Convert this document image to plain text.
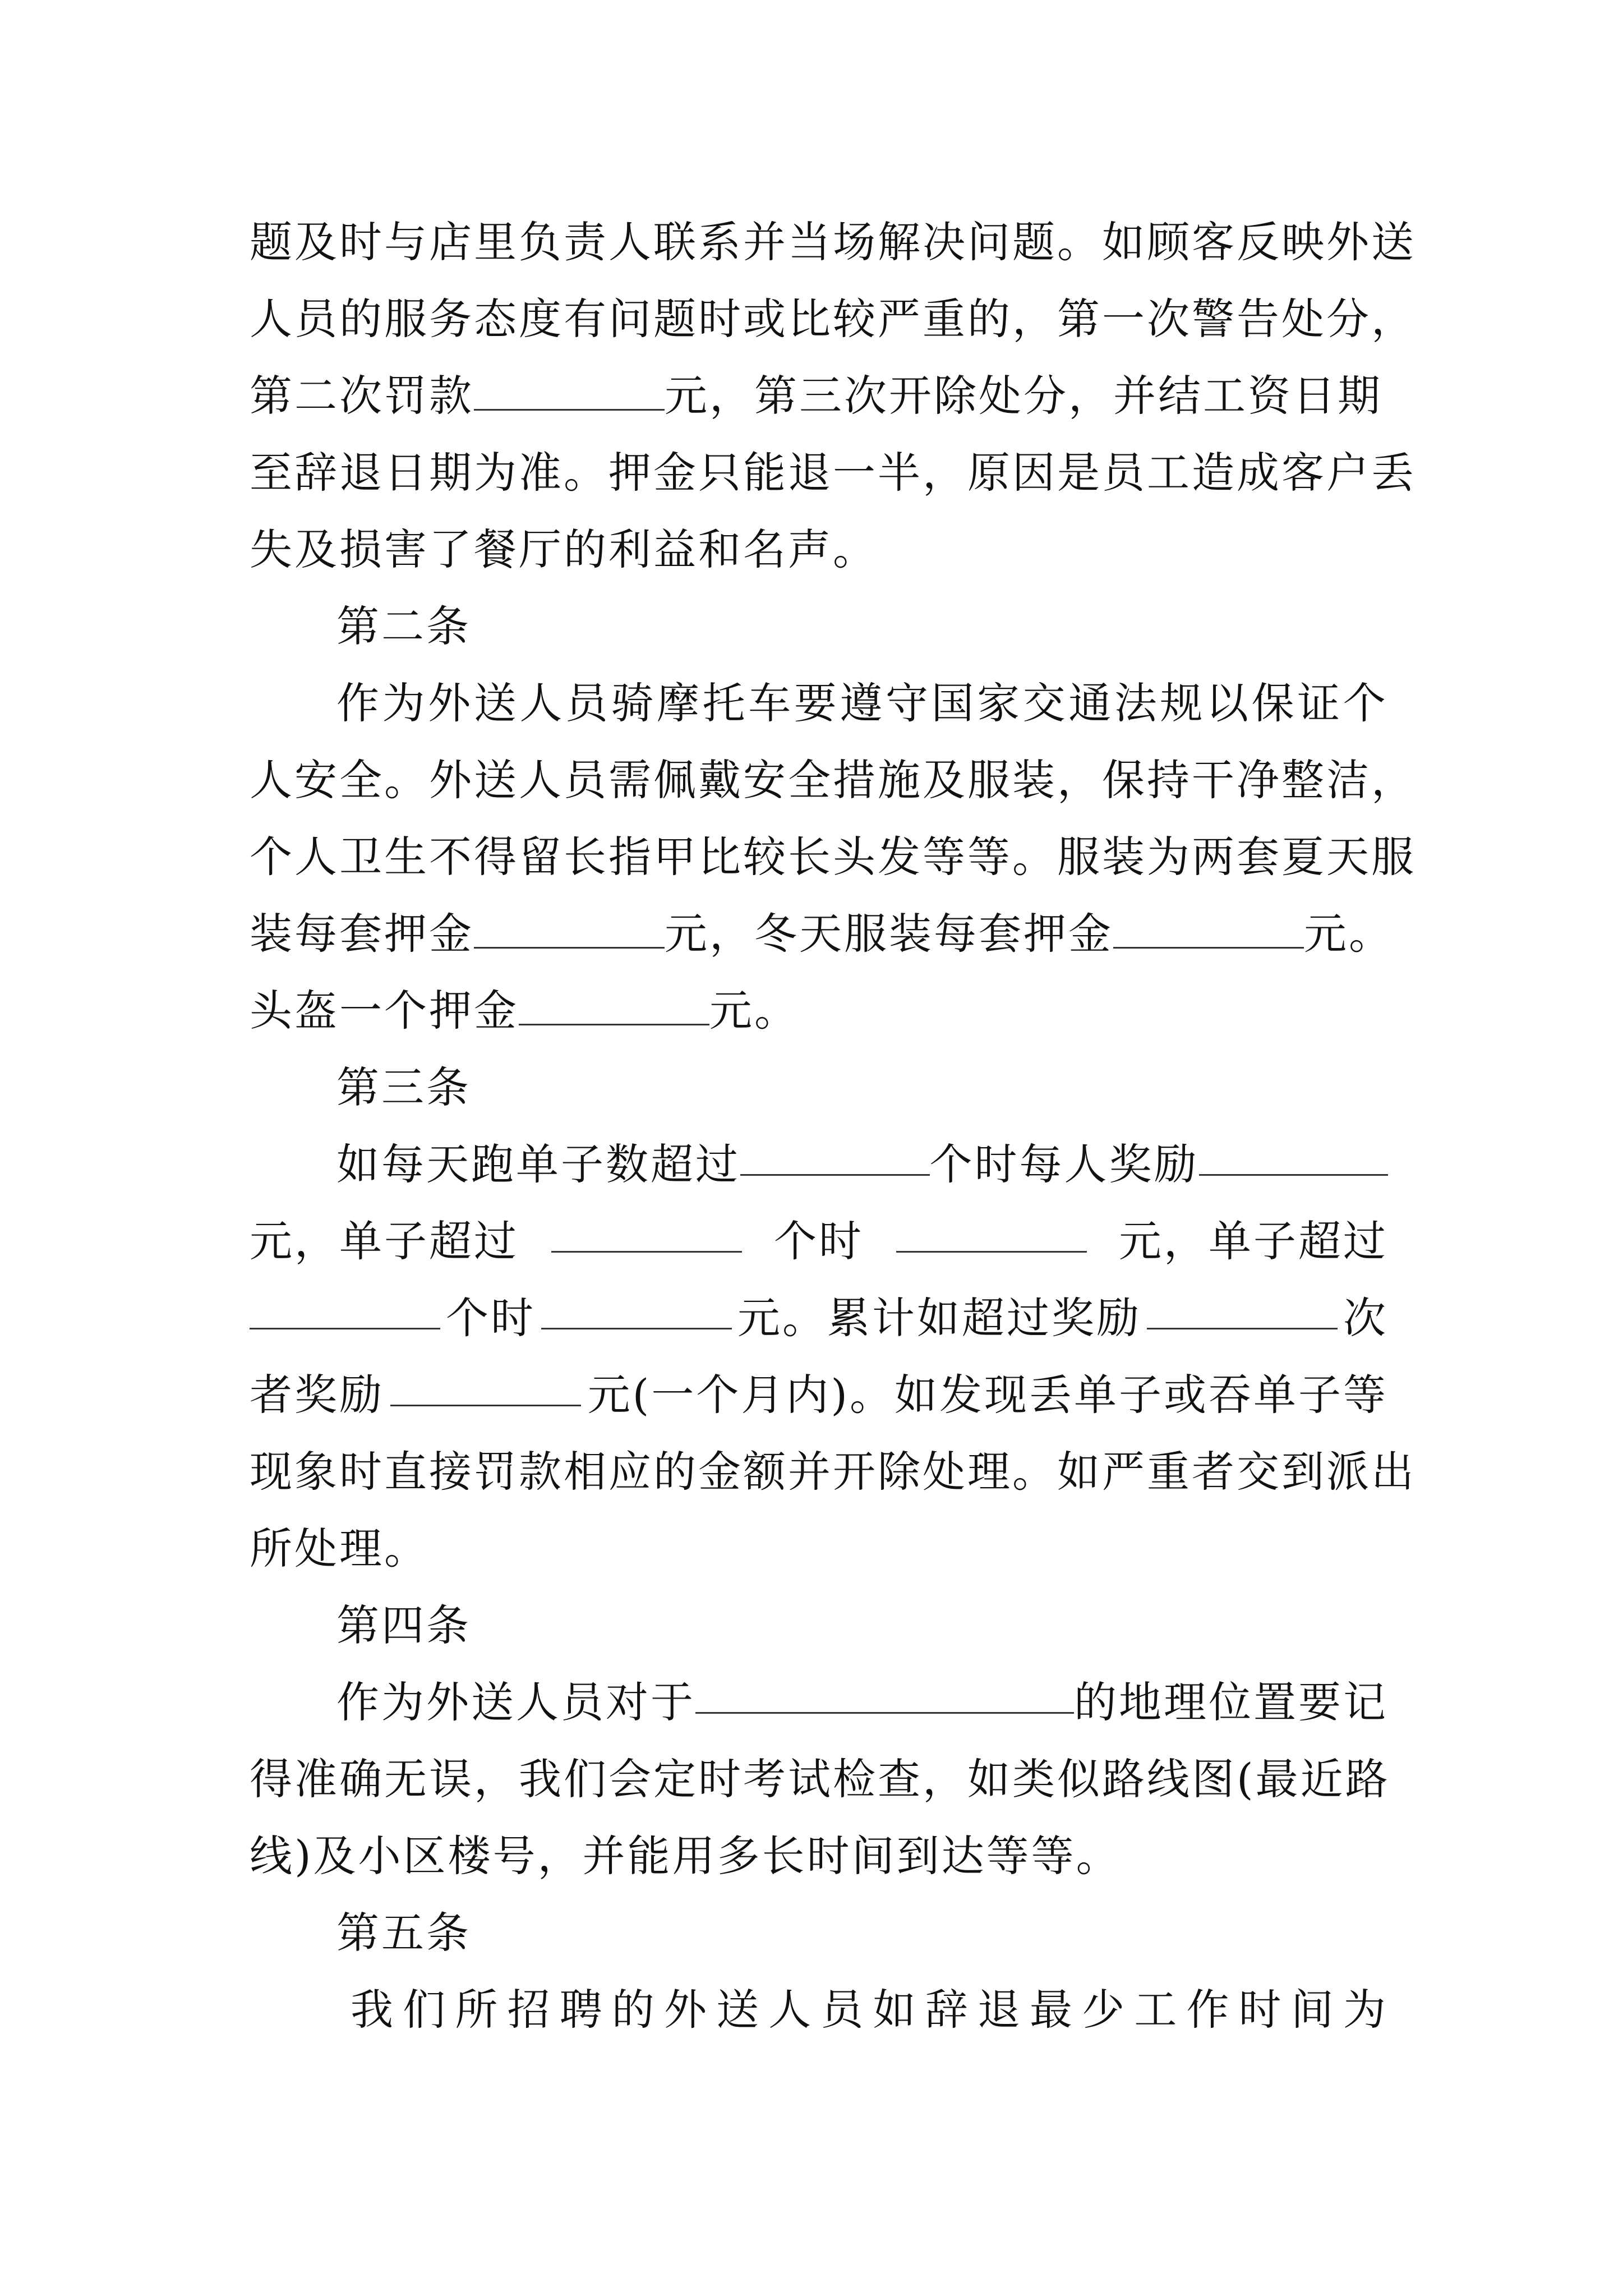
题 及 时 与 店 里 负 责 人 联 系 并 当 场 解 决 问 题 。 如 顾 客 反 映 外 送
人 员 的 服 务 态 度 有 问 题 时 或 比 较 严 重 的 ， 第 一 次 警 告 处 分 ，
第二次罚款	元，第三次开除处分，并结工资日期
至 辞 退 日 期 为 准 。 押 金 只 能 退 一 半 ， 原 因 是 员 工 造 成 客 户 丢
失及损害了餐厅的利益和名声。
第二条
作 为 外 送 人 员 骑 摩 托 车 要 遵 守 国 家 交 通 法 规 以 保 证 个
人 安 全 。 外 送 人 员 需 佩 戴 安 全 措 施 及 服 装 ， 保 持 干 净 整 洁 ，
个 人 卫 生 不 得 留 长 指 甲 比 较 长 头 发 等 等 。 服 装 为 两 套 夏 天 服
装每套押金	元，冬天服装每套押金	元。
头盔一个押金	元。
第三条
如每天跑单子数超过	个时每人奖励
元，单子超过	个时	元，单子超过
个时	元。累计如超过奖励	次
者奖励	元(一个月内)。如发现丢单子或吞单子等
现 象 时 直 接 罚 款 相 应 的 金 额 并 开 除 处 理 。 如 严 重 者 交 到 派 出
所处理。
第四条
作为外送人员对于	的地理位置要记
得 准 确 无 误 ， 我 们 会 定 时 考 试 检 查 ， 如 类 似 路 线 图 ( 最 近 路
线)及小区楼号，并能用多长时间到达等等。
第五条
我 们 所 招 聘 的 外 送 人 员 如 辞 退 最 少 工 作 时 间 为
